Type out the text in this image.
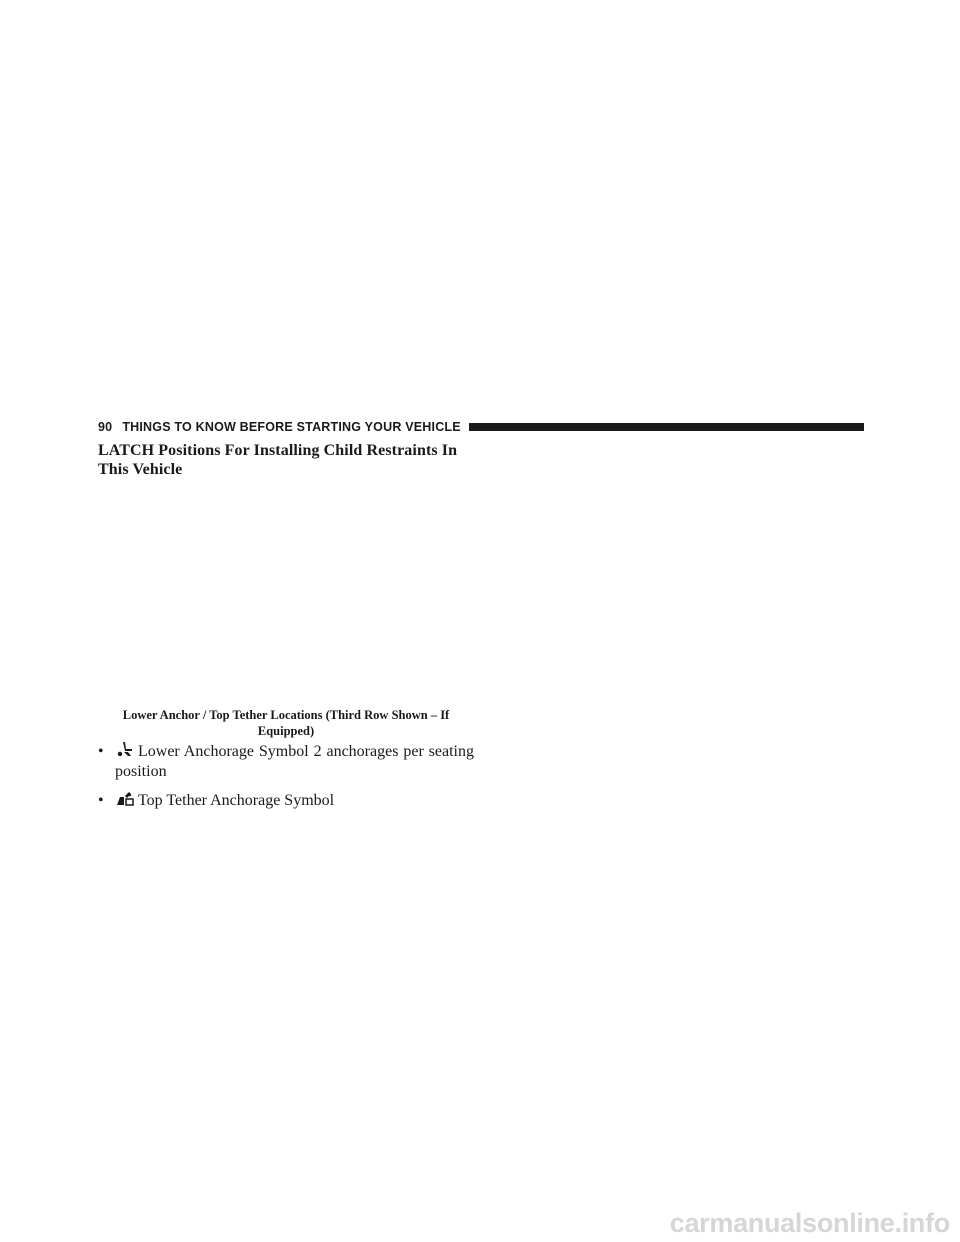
90 THINGS TO KNOW BEFORE STARTING YOUR VEHICLE
LATCH Positions For Installing Child Restraints In This Vehicle

Lower Anchor / Top Tether Locations (Third Row Shown – If Equipped)

• Lower Anchorage Symbol 2 anchorages per seating position
• Top Tether Anchorage Symbol
carmanualsonline.info
